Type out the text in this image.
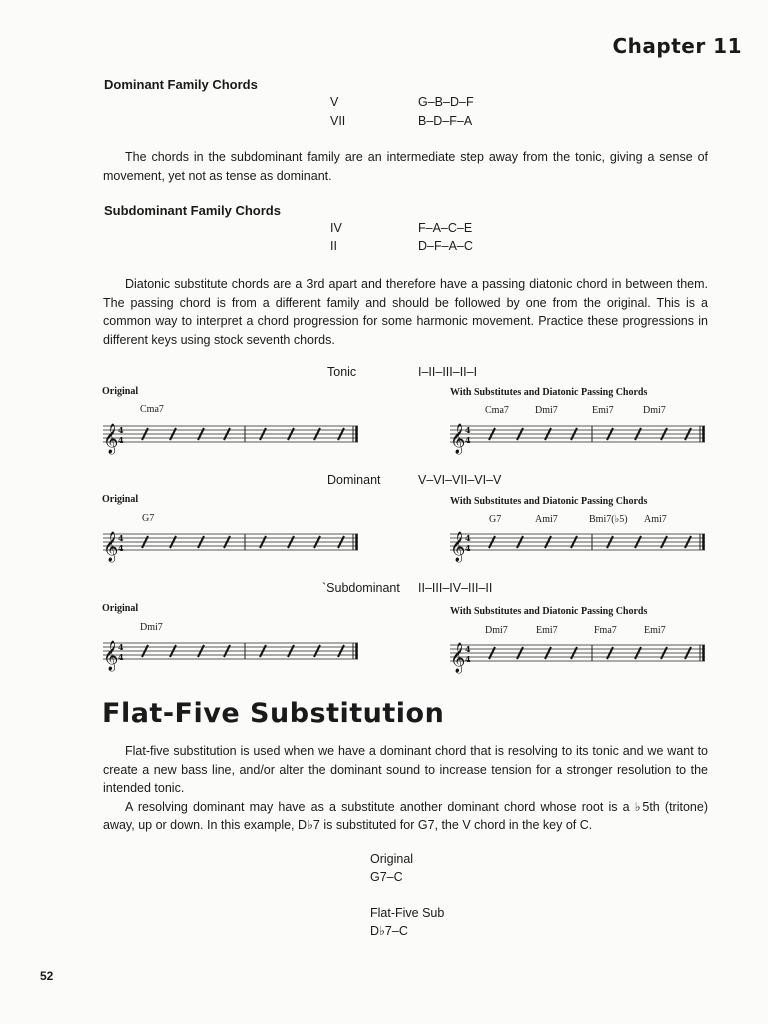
Chapter 11
Dominant Family Chords
V	G–B–D–F
VII	B–D–F–A

The chords in the subdominant family are an intermediate step away from the tonic, giving a sense of movement, yet not as tense as dominant.

Subdominant Family Chords
IV	F–A–C–E
II	D–F–A–C

Diatonic substitute chords are a 3rd apart and therefore have a passing diatonic chord in between them. The passing chord is from a different family and should be followed by one from the original. This is a common way to interpret a chord progression for some harmonic movement. Practice these progressions in different keys using stock seventh chords.

Tonic	I–II–III–II–I
Original	With Substitutes and Diatonic Passing Chords
Cma7	Cma7	Dmi7	Emi7	Dmi7
𝄞 4
4	𝄞 4
4
Dominant	V–VI–VII–VI–V
Original	With Substitutes and Diatonic Passing Chords
G7	G7	Ami7	Bmi7(♭5) Ami7
𝄞 4
4	𝄞 4
4
`Subdominant II–III–IV–III–II
Original	With Substitutes and Diatonic Passing Chords
Dmi7	Dmi7	Emi7	Fma7	Emi7
𝄞 4
4	𝄞 4
4
Flat-Five Substitution

Flat-five substitution is used when we have a dominant chord that is resolving to its tonic and we want to create a new bass line, and/or alter the dominant sound to increase tension for a stronger resolution to the intended tonic.

A resolving dominant may have as a substitute another dominant chord whose root is a ♭5th (tritone) away, up or down. In this example, D♭7 is substituted for G7, the V chord in the key of C.

Original
G7–C
Flat-Five Sub
D♭7–C
52
